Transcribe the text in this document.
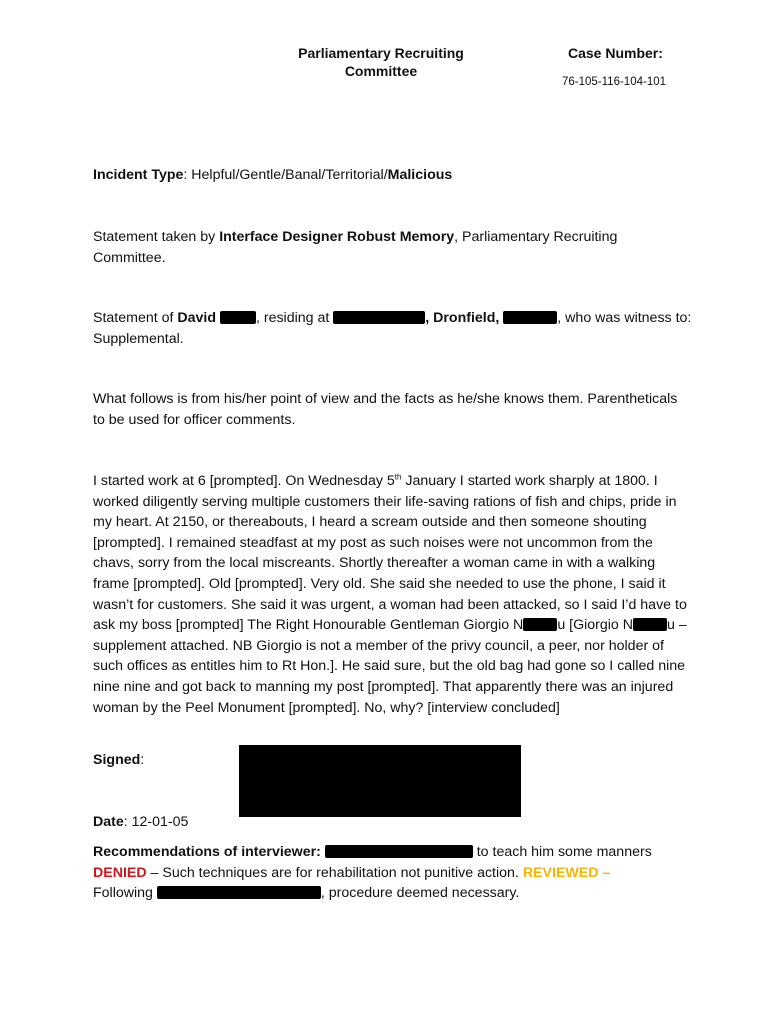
Parliamentary Recruiting
Committee
Case Number:
76-105-116-104-101

Incident Type: Helpful/Gentle/Banal/Territorial/Malicious

Statement taken by Interface Designer Robust Memory, Parliamentary Recruiting Committee.

Statement of David	, residing at	, Dronfield,	, who was witness to: Supplemental.

What follows is from his/her point of view and the facts as he/she knows them. Parentheticals to be used for officer comments.

I started work at 6 [prompted]. On Wednesday 5th January I started work sharply at 1800. I worked diligently serving multiple customers their life-saving rations of fish and chips, pride in my heart. At 2150, or thereabouts, I heard a scream outside and then someone shouting [prompted]. I remained steadfast at my post as such noises were not uncommon from the chavs, sorry from the local miscreants. Shortly thereafter a woman came in with a walking frame [prompted]. Old [prompted]. Very old. She said she needed to use the phone, I said it wasn’t for customers. She said it was urgent, a woman had been attacked, so I said I’d have to ask my boss [prompted] The Right Honourable Gentleman Giorgio N u [Giorgio N u – supplement attached. NB Giorgio is not a member of the privy council, a peer, nor holder of such offices as entitles him to Rt Hon.]. He said sure, but the old bag had gone so I called nine nine nine and got back to manning my post [prompted]. That apparently there was an injured woman by the Peel Monument [prompted]. No, why? [interview concluded]

Signed:
Date: 12-01-05

Recommendations of interviewer:	to teach him some manners
DENIED – Such techniques are for rehabilitation not punitive action. REVIEWED –
Following	, procedure deemed necessary.
